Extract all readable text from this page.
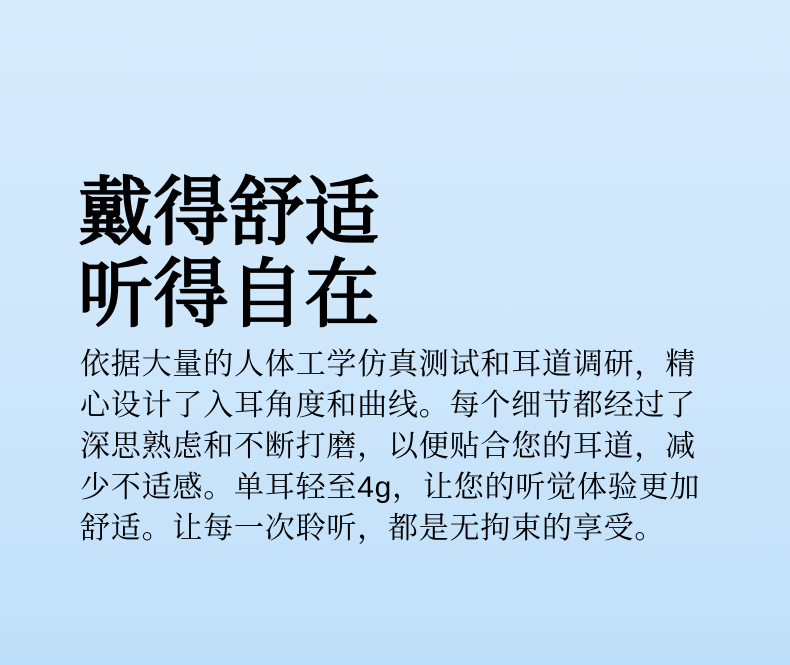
戴得舒适
听得自在
依据大量的人体工学仿真测试和耳道调研，精
心设计了入耳角度和曲线。每个细节都经过了
深思熟虑和不断打磨，以便贴合您的耳道，减
少不适感。单耳轻至4g，让您的听觉体验更加
舒适。让每一次聆听，都是无拘束的享受。
